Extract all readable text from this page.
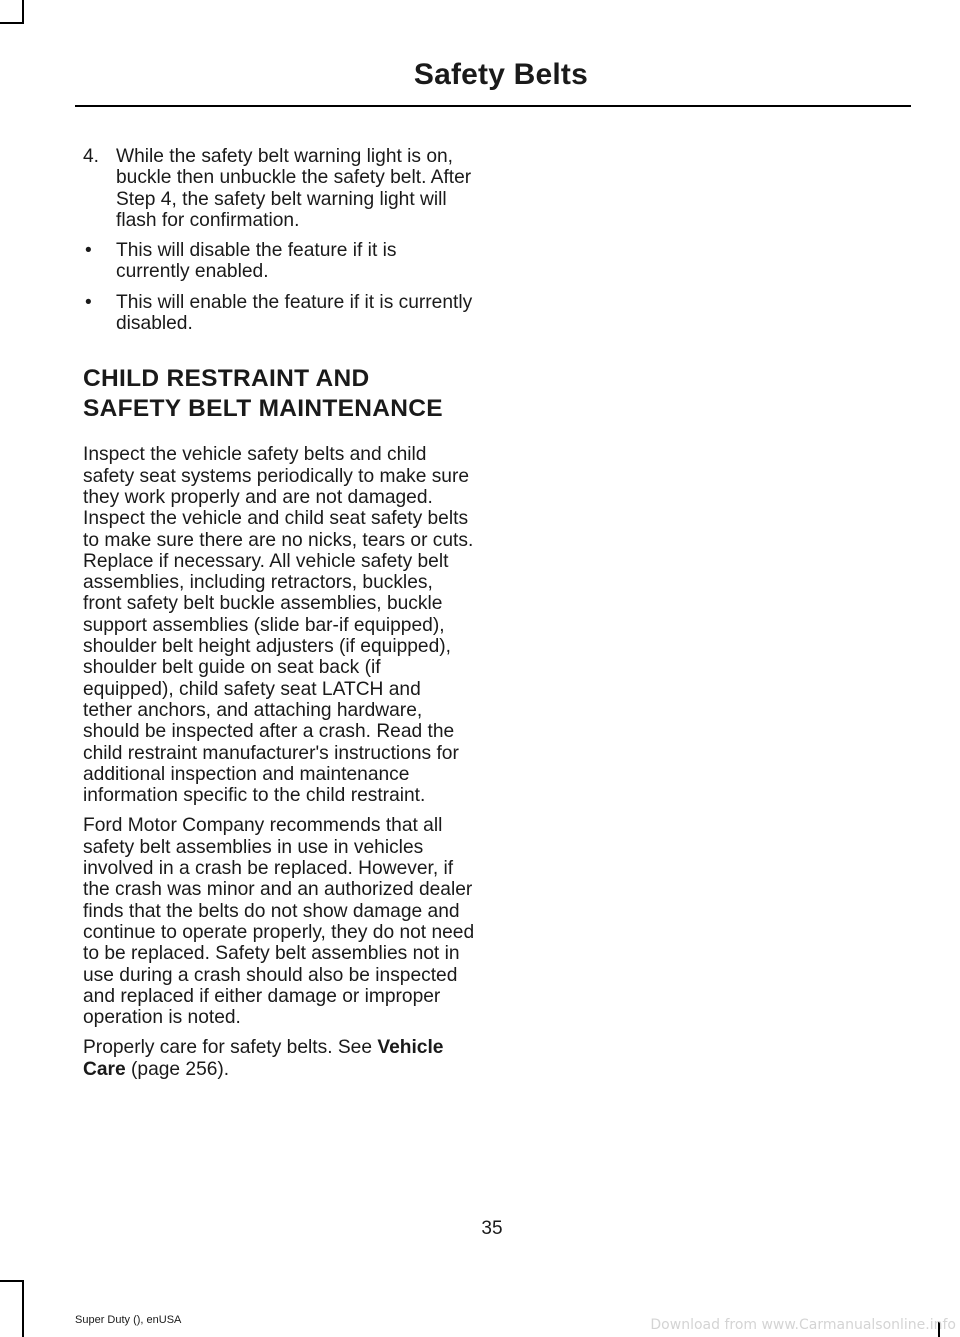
Safety Belts
4. While the safety belt warning light is on, buckle then unbuckle the safety belt. After Step 4, the safety belt warning light will flash for confirmation.
• This will disable the feature if it is currently enabled.
• This will enable the feature if it is currently disabled.
CHILD RESTRAINT AND
SAFETY BELT MAINTENANCE

Inspect the vehicle safety belts and child safety seat systems periodically to make sure they work properly and are not damaged. Inspect the vehicle and child seat safety belts to make sure there are no nicks, tears or cuts. Replace if necessary. All vehicle safety belt assemblies, including retractors, buckles, front safety belt buckle assemblies, buckle support assemblies (slide bar-if equipped), shoulder belt height adjusters (if equipped), shoulder belt guide on seat back (if equipped), child safety seat LATCH and tether anchors, and attaching hardware, should be inspected after a crash. Read the child restraint manufacturer's instructions for additional inspection and maintenance information specific to the child restraint.

Ford Motor Company recommends that all safety belt assemblies in use in vehicles involved in a crash be replaced. However, if the crash was minor and an authorized dealer finds that the belts do not show damage and continue to operate properly, they do not need to be replaced. Safety belt assemblies not in use during a crash should also be inspected and replaced if either damage or improper operation is noted.

Properly care for safety belts. See Vehicle Care (page 256).

35
Super Duty (), enUSA	Download from www.Carmanualsonline.info
